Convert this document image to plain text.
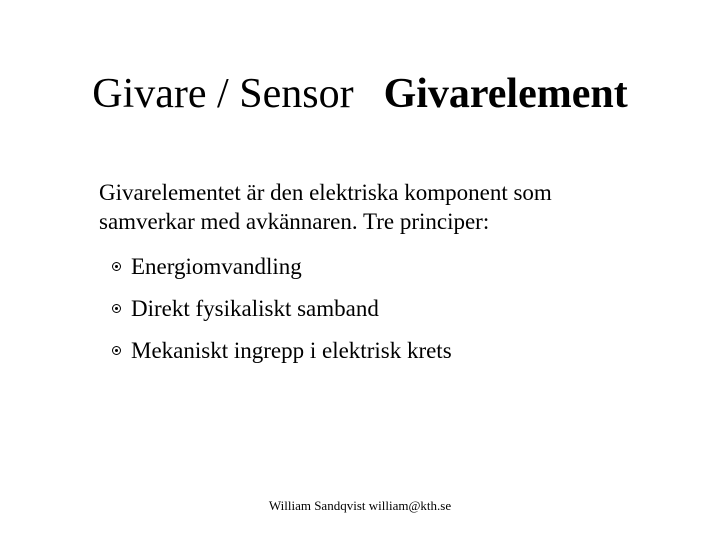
Givare / Sensor Givarelement
Givarelementet är den elektriska komponent som
samverkar med avkännaren. Tre principer:
Energiomvandling
Direkt fysikaliskt samband
Mekaniskt ingrepp i elektrisk krets
William Sandqvist william@kth.se
